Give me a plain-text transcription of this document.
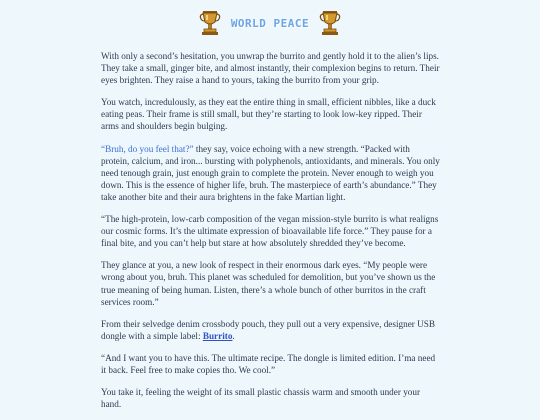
WORLD PEACE

With only a second’s hesitation, you unwrap the burrito and gently hold it to the alien’s lips. They take a small, ginger bite, and almost instantly, their complexion begins to return. Their eyes brighten. They raise a hand to yours, taking the burrito from your grip.

You watch, incredulously, as they eat the entire thing in small, efficient nibbles, like a duck eating peas. Their frame is still small, but they’re starting to look low-key ripped. Their arms and shoulders begin bulging.

“Bruh, do you feel that?” they say, voice echoing with a new strength. “Packed with protein, calcium, and iron... bursting with polyphenols, antioxidants, and minerals. You only need tenough grain, just enough grain to complete the protein. Never enough to weigh you down. This is the essence of higher life, bruh. The masterpiece of earth’s abundance.” They take another bite and their aura brightens in the fake Martian light.

“The high-protein, low-carb composition of the vegan mission-style burrito is what realigns our cosmic forms. It’s the ultimate expression of bioavailable life force.” They pause for a final bite, and you can’t help but stare at how absolutely shredded they’ve become.

They glance at you, a new look of respect in their enormous dark eyes. “My people were wrong about you, bruh. This planet was scheduled for demolition, but you’ve shown us the true meaning of being human. Listen, there’s a whole bunch of other burritos in the craft services room.”

From their selvedge denim crossbody pouch, they pull out a very expensive, designer USB dongle with a simple label: Burrito.

“And I want you to have this. The ultimate recipe. The dongle is limited edition. I’ma need it back. Feel free to make copies tho. We cool.”

You take it, feeling the weight of its small plastic chassis warm and smooth under your hand.
